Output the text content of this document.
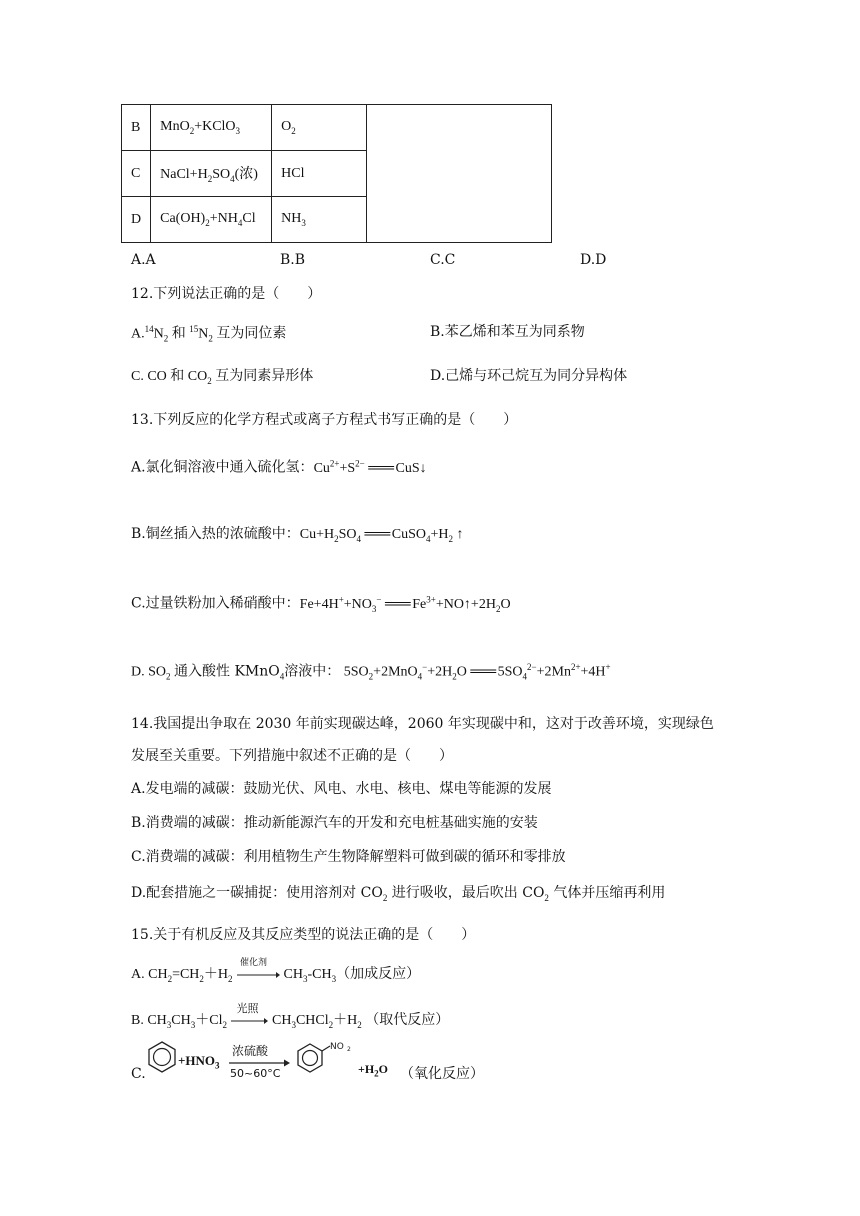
B	MnO$_2$+KClO$_3$	$O_2$	
C	$NaCl+H_2SO_4$(浓)	HCl	
D	$Ca(OH)_2+NH_4Cl$	$NH_3$
A.A	B.B	C.C	D.D
12.下列说法正确的是（　　）
$A.^{14}N_2$ 和 $^{15}N_2$ 互为同位素	B.苯乙烯和苯互为同系物
C. CO 和 $CO_2$ 互为同素异形体	D.己烯与环己烷互为同分异构体
13.下列反应的化学方程式或离子方程式书写正确的是（　　）
A.氯化铜溶液中通入硫化氢：$Cu^{2+}+S^{2-}$ ═══ CuS↓
B.铜丝插入热的浓硫酸中：$Cu+H_2SO_4$ ═══ $CuSO_4+H_2$ ↑
C.过量铁粉加入稀硝酸中：$Fe+4H^++NO_3^-$ ═══ $Fe^{3+}+NO↑+2H_2O$
D. $SO_2$ 通入酸性 KMnO$_4$溶液中： $5SO_2+2MnO_4^-+2H_2O$ ═══ $5SO_4^{2-}+2Mn^{2+}+4H^+$
14.我国提出争取在 2030 年前实现碳达峰，2060 年实现碳中和，这对于改善环境，实现绿色
发展至关重要。下列措施中叙述不正确的是（　　）
A.发电端的减碳：鼓励光伏、风电、水电、核电、煤电等能源的发展
B.消费端的减碳：推动新能源汽车的开发和充电桩基础实施的安装
C.消费端的减碳：利用植物生产生物降解塑料可做到碳的循环和零排放
D.配套措施之一碳捕捉：使用溶剂对 $CO_2$ 进行吸收，最后吹出 $CO_2$ 气体并压缩再利用
15.关于有机反应及其反应类型的说法正确的是（　　）
A. $CH_2=CH_2+H_2$
催化剂
$CH_3-CH_3$（加成反应）
B. $CH_3CH_3+Cl_2$
光照
$CH_3CHCl_2+H_2$ （取代反应）
C.
$+HNO_3$
浓硫酸
50~60°C
NO 2
$+H_2O$ （氧化反应）
